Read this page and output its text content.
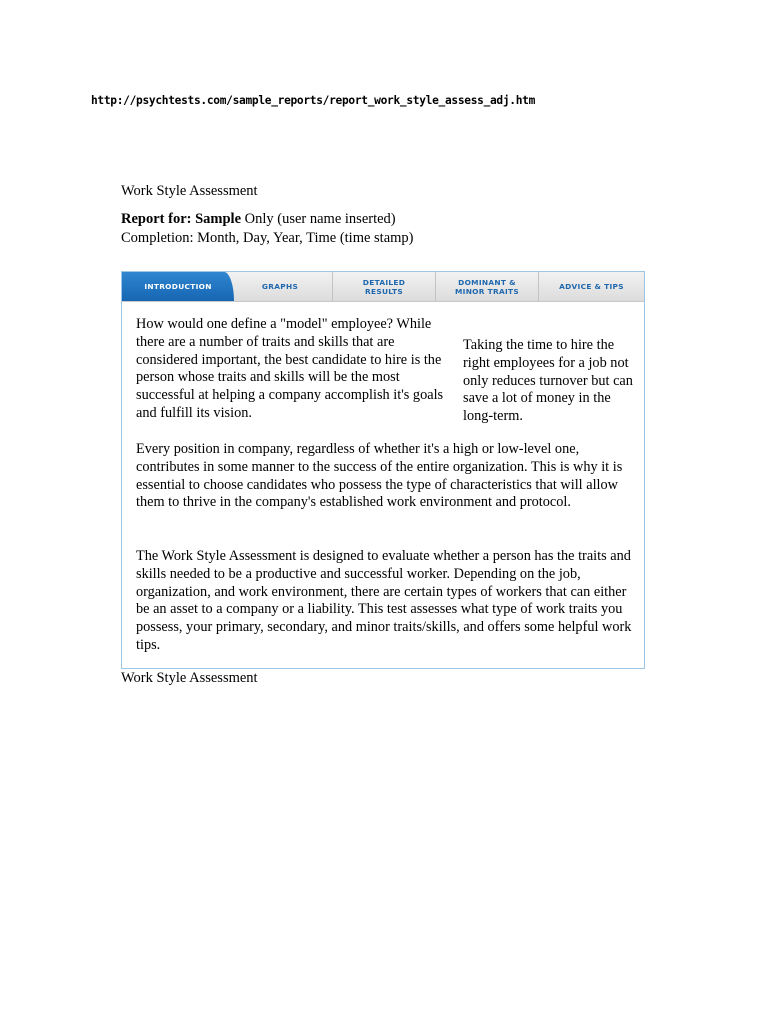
http://psychtests.com/sample_reports/report_work_style_assess_adj.htm
Work Style Assessment
Report for: Sample Only (user name inserted)
Completion: Month, Day, Year, Time (time stamp)
GRAPHS	DETAILED
RESULTS
DOMINANT &
MINOR TRAITS	ADVICE & TIPS
INTRODUCTION

How would one define a "model" employee? While there are a number of traits and skills that are considered important, the best candidate to hire is the person whose traits and skills will be the most successful at helping a company accomplish it's goals and fulfill its vision.

Taking the time to hire the right employees for a job not only reduces turnover but can save a lot of money in the long-term.

Every position in company, regardless of whether it's a high or low-level one, contributes in some manner to the success of the entire organization. This is why it is essential to choose candidates who possess the type of characteristics that will allow them to thrive in the company's established work environment and protocol.

The Work Style Assessment is designed to evaluate whether a person has the traits and skills needed to be a productive and successful worker. Depending on the job, organization, and work environment, there are certain types of workers that can either be an asset to a company or a liability. This test assesses what type of work traits you possess, your primary, secondary, and minor traits/skills, and offers some helpful work tips.

Work Style Assessment
